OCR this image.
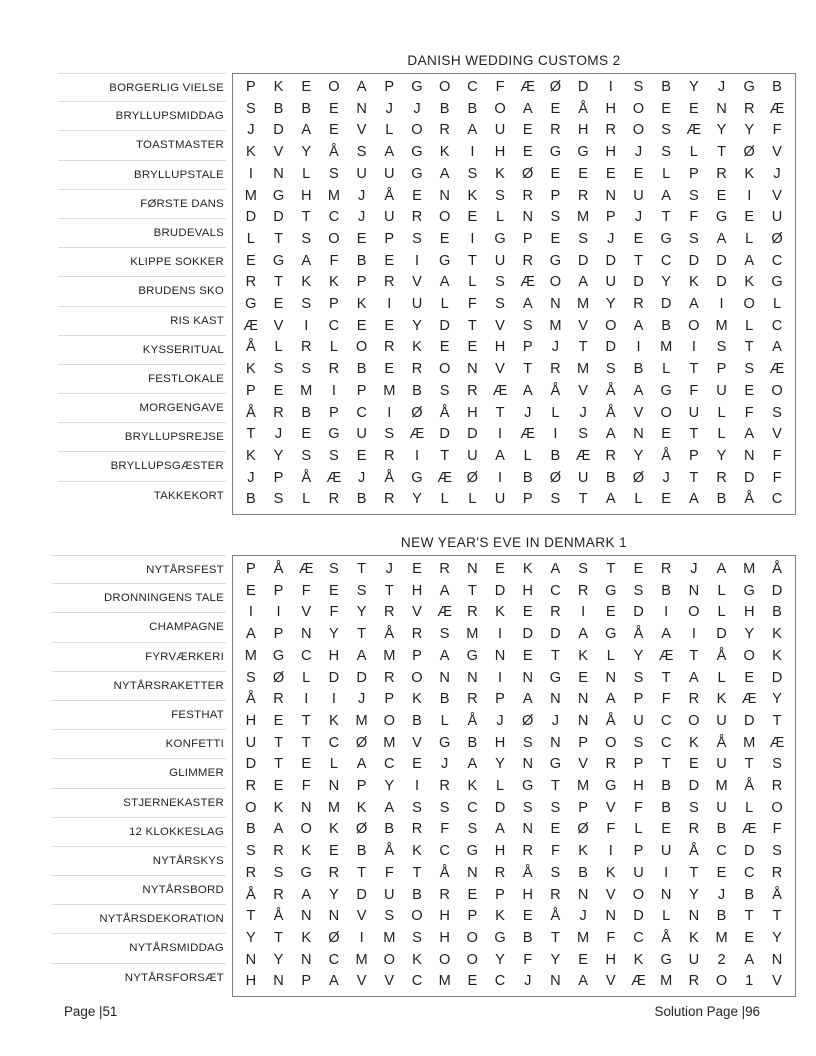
BORGERLIG VIELSE
BRYLLUPSMIDDAG
TOASTMASTER
BRYLLUPSTALE
FØRSTE DANS
BRUDEVALS
KLIPPE SOKKER
BRUDENS SKO
RIS KAST
KYSSERITUAL
FESTLOKALE
MORGENGAVE
BRYLLUPSREJSE
BRYLLUPSGÆSTER
TAKKEKORT
DANISH WEDDING CUSTOMS 2
P	K	E	O	A	P	G	O	C	F	Æ	Ø	D	I	S	B	Y	J	G	B
S	B	B	E	N	J	J	B	B	O	A	E	Å	H	O	E	E	N	R	Æ
J	D	A	E	V	L	O	R	A	U	E	R	H	R	O	S	Æ	Y	Y	F
K	V	Y	Å	S	A	G	K	I	H	E	G	G	H	J	S	L	T	Ø	V
I	N	L	S	U	U	G	A	S	K	Ø	E	E	E	E	L	P	R	K	J
M	G	H	M	J	Å	E	N	K	S	R	P	R	N	U	A	S	E	I	V
D	D	T	C	J	U	R	O	E	L	N	S	M	P	J	T	F	G	E	U
L	T	S	O	E	P	S	E	I	G	P	E	S	J	E	G	S	A	L	Ø
E	G	A	F	B	E	I	G	T	U	R	G	D	D	T	C	D	D	A	C
R	T	K	K	P	R	V	A	L	S	Æ	O	A	U	D	Y	K	D	K	G
G	E	S	P	K	I	U	L	F	S	A	N	M	Y	R	D	A	I	O	L
Æ	V	I	C	E	E	Y	D	T	V	S	M	V	O	A	B	O	M	L	C
Å	L	R	L	O	R	K	E	E	H	P	J	T	D	I	M	I	S	T	A
K	S	S	R	B	E	R	O	N	V	T	R	M	S	B	L	T	P	S	Æ
P	E	M	I	P	M	B	S	R	Æ	A	Å	V	Å	A	G	F	U	E	O
Å	R	B	P	C	I	Ø	Å	H	T	J	L	J	Å	V	O	U	L	F	S
T	J	E	G	U	S	Æ	D	D	I	Æ	I	S	A	N	E	T	L	A	V
K	Y	S	S	E	R	I	T	U	A	L	B	Æ	R	Y	Å	P	Y	N	F
J	P	Å	Æ	J	Å	G	Æ	Ø	I	B	Ø	U	B	Ø	J	T	R	D	F
B	S	L	R	B	R	Y	L	L	U	P	S	T	A	L	E	A	B	Å	C
NYTÅRSFEST
DRONNINGENS TALE
CHAMPAGNE
FYRVÆRKERI
NYTÅRSRAKETTER
FESTHAT
KONFETTI
GLIMMER
STJERNEKASTER
12 KLOKKESLAG
NYTÅRSKYS
NYTÅRSBORD
NYTÅRSDEKORATION
NYTÅRSMIDDAG
NYTÅRSFORSÆT
NEW YEAR'S EVE IN DENMARK 1
P	Å	Æ	S	T	J	E	R	N	E	K	A	S	T	E	R	J	A	M	Å
E	P	F	E	S	T	H	A	T	D	H	C	R	G	S	B	N	L	G	D
I	I	V	F	Y	R	V	Æ	R	K	E	R	I	E	D	I	O	L	H	B
A	P	N	Y	T	Å	R	S	M	I	D	D	A	G	Å	A	I	D	Y	K
M	G	C	H	A	M	P	A	G	N	E	T	K	L	Y	Æ	T	Å	O	K
S	Ø	L	D	D	R	O	N	N	I	N	G	E	N	S	T	A	L	E	D
Å	R	I	I	J	P	K	B	R	P	A	N	N	A	P	F	R	K	Æ	Y
H	E	T	K	M	O	B	L	Å	J	Ø	J	N	Å	U	C	O	U	D	T
U	T	T	C	Ø	M	V	G	B	H	S	N	P	O	S	C	K	Å	M	Æ
D	T	E	L	A	C	E	J	A	Y	N	G	V	R	P	T	E	U	T	S
R	E	F	N	P	Y	I	R	K	L	G	T	M	G	H	B	D	M	Å	R
O	K	N	M	K	A	S	S	C	D	S	S	P	V	F	B	S	U	L	O
B	A	O	K	Ø	B	R	F	S	A	N	E	Ø	F	L	E	R	B	Æ	F
S	R	K	E	B	Å	K	C	G	H	R	F	K	I	P	U	Å	C	D	S
R	S	G	R	T	F	T	Å	N	R	Å	S	B	K	U	I	T	E	C	R
Å	R	A	Y	D	U	B	R	E	P	H	R	N	V	O	N	Y	J	B	Å
T	Å	N	N	V	S	O	H	P	K	E	Å	J	N	D	L	N	B	T	T
Y	T	K	Ø	I	M	S	H	O	G	B	T	M	F	C	Å	K	M	E	Y
N	Y	N	C	M	O	K	O	O	Y	F	Y	E	H	K	G	U	2	A	N
H	N	P	A	V	V	C	M	E	C	J	N	A	V	Æ	M	R	O	1	V
Page |51	Solution Page |96
